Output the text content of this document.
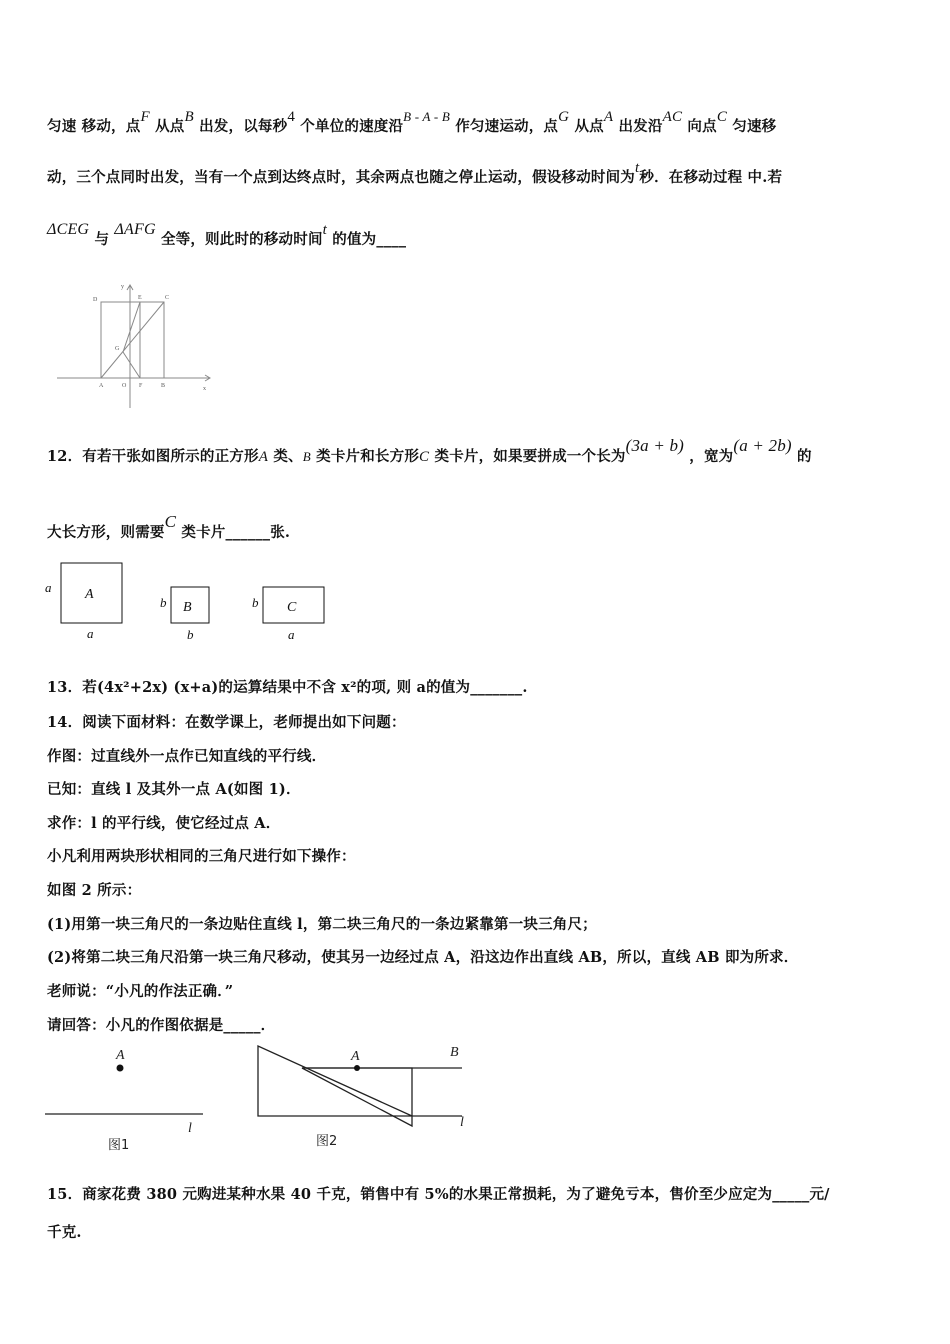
匀速 移动，点F 从点B 出发，以每秒4 个单位的速度沿B - A - B 作匀速运动，点G 从点A 出发沿AC 向点C 匀速移
动，三个点同时出发，当有一个点到达终点时，其余两点也随之停止运动，假设移动时间为t秒．在移动过程 中.若
ΔCEG 与 ΔAFG 全等，则此时的移动时间t 的值为____
D	E	C
G
A	O F	B
y
x
12．有若干张如图所示的正方形A 类、B 类卡片和长方形C 类卡片，如果要拼成一个长为(3a + b) ，宽为(a + 2b) 的
大长方形，则需要C 类卡片______张.
A
a
a
B
b
b
C
b
a
13．若(4x²+2x) (x+a)的运算结果中不含 x²的项, 则 a的值为_______.
14．阅读下面材料：在数学课上，老师提出如下问题：
作图：过直线外一点作已知直线的平行线．
已知：直线 l 及其外一点 A(如图 1)．
求作：l 的平行线，使它经过点 A．
小凡利用两块形状相同的三角尺进行如下操作：
如图 2 所示：
(1)用第一块三角尺的一条边贴住直线 l，第二块三角尺的一条边紧靠第一块三角尺；
(2)将第二块三角尺沿第一块三角尺移动，使其另一边经过点 A，沿这边作出直线 AB，所以，直线 AB 即为所求．
老师说：“小凡的作法正确．”
请回答：小凡的作图依据是_____．
A
l
图1
A	B
l
图2
15．商家花费 380 元购进某种水果 40 千克，销售中有 5%的水果正常损耗，为了避免亏本，售价至少应定为_____元/
千克.
